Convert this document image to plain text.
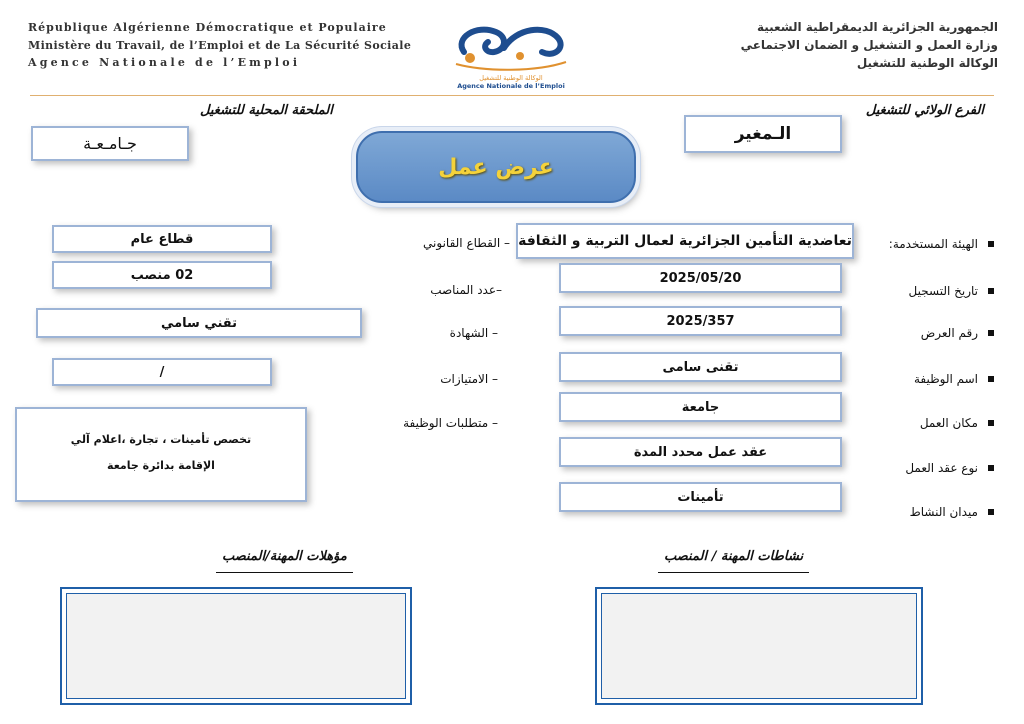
République Algérienne Démocratique et Populaire
Ministère du Travail, de l’Emploi et de La Sécurité Sociale
Agence Nationale de l’Emploi
الوكالة الوطنية للتشغيل
Agence Nationale de l’Emploi
الجمهورية الجزائرية الديمقراطية الشعبية
وزارة العمل و التشغيل و الضمان الاجتماعي
الوكالة الوطنية للتشغيل
الفرع الولائي للتشغيل
الـمغير
الملحقة المحلية للتشغيل
جـامـعـة
عرض عمل
الهيئة المستخدمة:
تاريخ التسجيل
رقم العرض
اسم الوظيفة
مكان العمل
نوع عقد العمل
ميدان النشاط
تعاضدية التأمين الجزائرية لعمال التربية و الثقافة
2025/05/20
2025/357
تقنى سامى
جامعة
عقد عمل محدد المدة
تأمينات
– القطاع القانوني
–عدد المناصب
– الشهادة
– الامتيازات
– متطلبات الوظيفة
قطاع عام
02 منصب
تقني سامي
/
تخصص تأمينات ، تجارة ،اعلام آلي
الإقامة بدائرة جامعة
نشاطات المهنة / المنصب
مؤهلات المهنة/المنصب
